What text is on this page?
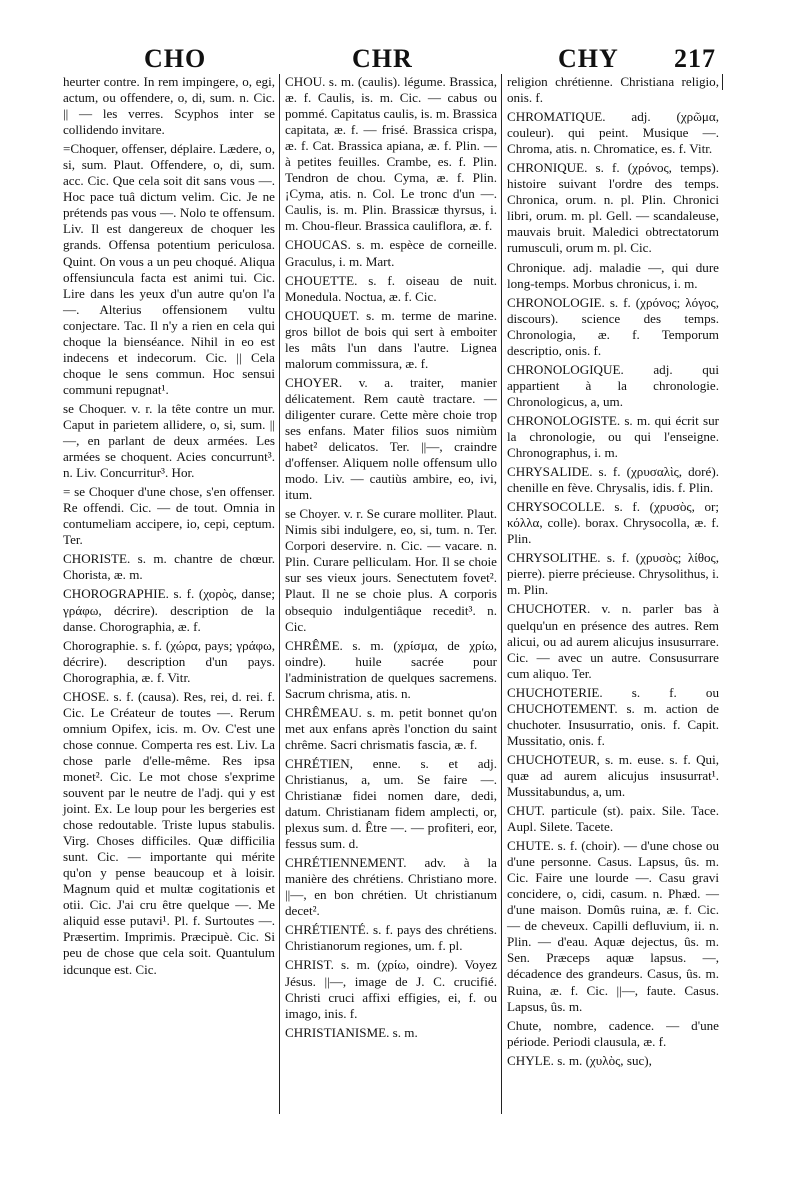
CHO	CHR	CHY 217

heurter contre. In rem impingere, o, egi, actum, ou offendere, o, di, sum. n. Cic. || — les verres. Scyphos inter se collidendo invitare.

=Choquer, offenser, déplaire. Lædere, o, si, sum. Plaut. Offendere, o, di, sum. acc. Cic. Que cela soit dit sans vous —. Hoc pace tuâ dictum velim. Cic. Je ne prétends pas vous —. Nolo te offensum. Liv. Il est dangereux de choquer les grands. Offensa potentium periculosa. Quint. On vous a un peu choqué. Aliqua offensiuncula facta est animi tui. Cic. Lire dans les yeux d'un autre qu'on l'a —. Alterius offensionem vultu conjectare. Tac. Il n'y a rien en cela qui choque la bienséance. Nihil in eo est indecens et indecorum. Cic. || Cela choque le sens commun. Hoc sensui communi repugnat¹.

se Choquer. v. r. la tête contre un mur. Caput in parietem allidere, o, si, sum. || —, en parlant de deux armées. Les armées se choquent. Acies concurrunt³. n. Liv. Concurritur³. Hor.

= se Choquer d'une chose, s'en offenser. Re offendi. Cic. — de tout. Omnia in contumeliam accipere, io, cepi, ceptum. Ter.

CHORISTE. s. m. chantre de chœur. Chorista, æ. m.

CHOROGRAPHIE. s. f. (χορὸς, danse; γράφω, décrire). description de la danse. Chorographia, æ. f.

Chorographie. s. f. (χώρα, pays; γράφω, décrire). description d'un pays. Chorographia, æ. f. Vitr.

CHOSE. s. f. (causa). Res, rei, d. rei. f. Cic. Le Créateur de toutes —. Rerum omnium Opifex, icis. m. Ov. C'est une chose connue. Comperta res est. Liv. La chose parle d'elle-même. Res ipsa monet². Cic. Le mot chose s'exprime souvent par le neutre de l'adj. qui y est joint. Ex. Le loup pour les bergeries est chose redoutable. Triste lupus stabulis. Virg. Choses difficiles. Quæ difficilia sunt. Cic. — importante qui mérite qu'on y pense beaucoup et à loisir. Magnum quid et multæ cogitationis et otii. Cic. J'ai cru être quelque —. Me aliquid esse putavi¹. Pl. f. Surtoutes —. Præsertim. Imprimis. Præcipuè. Cic. Si peu de chose que cela soit. Quantulum idcunque est. Cic.

CHOU. s. m. (caulis). légume. Brassica, æ. f. Caulis, is. m. Cic. — cabus ou pommé. Capitatus caulis, is. m. Brassica capitata, æ. f. — frisé. Brassica crispa, æ. f. Cat. Brassica apiana, æ. f. Plin. — à petites feuilles. Crambe, es. f. Plin. Tendron de chou. Cyma, æ. f. Plin. ¡Cyma, atis. n. Col. Le tronc d'un —. Caulis, is. m. Plin. Brassicæ thyrsus, i. m. Chou-fleur. Brassica cauliflora, æ. f.

CHOUCAS. s. m. espèce de corneille. Graculus, i. m. Mart.

CHOUETTE. s. f. oiseau de nuit. Monedula. Noctua, æ. f. Cic.

CHOUQUET. s. m. terme de marine. gros billot de bois qui sert à emboiter les mâts l'un dans l'autre. Lignea malorum commissura, æ. f.

CHOYER. v. a. traiter, manier délicatement. Rem cautè tractare. — diligenter curare. Cette mère choie trop ses enfans. Mater filios suos nimiùm habet² delicatos. Ter. ||—, craindre d'offenser. Aliquem nolle offensum ullo modo. Liv. — cautiùs ambire, eo, ivi, itum.

se Choyer. v. r. Se curare molliter. Plaut. Nimis sibi indulgere, eo, si, tum. n. Ter. Corpori deservire. n. Cic. — vacare. n. Plin. Curare pelliculam. Hor. Il se choie sur ses vieux jours. Senectutem fovet². Plaut. Il ne se choie plus. A corporis obsequio indulgentiâque recedit³. n. Cic.

CHRÊME. s. m. (χρίσμα, de χρίω, oindre). huile sacrée pour l'administration de quelques sacremens. Sacrum chrisma, atis. n.

CHRÊMEAU. s. m. petit bonnet qu'on met aux enfans après l'onction du saint chrême. Sacri chrismatis fascia, æ. f.

CHRÉTIEN, enne. s. et adj. Christianus, a, um. Se faire —. Christianæ fidei nomen dare, dedi, datum. Christianam fidem amplecti, or, plexus sum. d. Être —. — profiteri, eor, fessus sum. d.

CHRÉTIENNEMENT. adv. à la manière des chrétiens. Christiano more. ||—, en bon chrétien. Ut christianum decet².

CHRÉTIENTÉ. s. f. pays des chrétiens. Christianorum regiones, um. f. pl.

CHRIST. s. m. (χρίω, oindre). Voyez Jésus. ||—, image de J. C. crucifié. Christi cruci affixi effigies, ei, f. ou imago, inis. f.

CHRISTIANISME. s. m.

religion chrétienne. Christiana religio, onis. f.

CHROMATIQUE. adj. (χρῶμα, couleur). qui peint. Musique —. Chroma, atis. n. Chromatice, es. f. Vitr.

CHRONIQUE. s. f. (χρόνος, temps). histoire suivant l'ordre des temps. Chronica, orum. n. pl. Plin. Chronici libri, orum. m. pl. Gell. — scandaleuse, mauvais bruit. Maledici obtrectatorum rumusculi, orum m. pl. Cic.

Chronique. adj. maladie —, qui dure long-temps. Morbus chronicus, i. m.

CHRONOLOGIE. s. f. (χρόνος; λόγος, discours). science des temps. Chronologia, æ. f. Temporum descriptio, onis. f.

CHRONOLOGIQUE. adj. qui appartient à la chronologie. Chronologicus, a, um.

CHRONOLOGISTE. s. m. qui écrit sur la chronologie, ou qui l'enseigne. Chronographus, i. m.

CHRYSALIDE. s. f. (χρυσαλὶς, doré). chenille en fève. Chrysalis, idis. f. Plin.

CHRYSOCOLLE. s. f. (χρυσὸς, or; κόλλα, colle). borax. Chrysocolla, æ. f. Plin.

CHRYSOLITHE. s. f. (χρυσὸς; λίθος, pierre). pierre précieuse. Chrysolithus, i. m. Plin.

CHUCHOTER. v. n. parler bas à quelqu'un en présence des autres. Rem alicui, ou ad aurem alicujus insusurrare. Cic. — avec un autre. Consusurrare cum aliquo. Ter.

CHUCHOTERIE. s. f. ou CHUCHOTEMENT. s. m. action de chuchoter. Insusurratio, onis. f. Capit. Mussitatio, onis. f.

CHUCHOTEUR, s. m. euse. s. f. Qui, quæ ad aurem alicujus insusurrat¹. Mussitabundus, a, um.

CHUT. particule (st). paix. Sile. Tace. Aupl. Silete. Tacete.

CHUTE. s. f. (choir). — d'une chose ou d'une personne. Casus. Lapsus, ûs. m. Cic. Faire une lourde —. Casu gravi concidere, o, cidi, casum. n. Phæd. — d'une maison. Domûs ruina, æ. f. Cic. — de cheveux. Capilli defluvium, ii. n. Plin. — d'eau. Aquæ dejectus, ûs. m. Sen. Præceps aquæ lapsus. —, décadence des grandeurs. Casus, ûs. m. Ruina, æ. f. Cic. ||—, faute. Casus. Lapsus, ûs. m.

Chute, nombre, cadence. — d'une période. Periodi clausula, æ. f.

CHYLE. s. m. (χυλὸς, suc),
